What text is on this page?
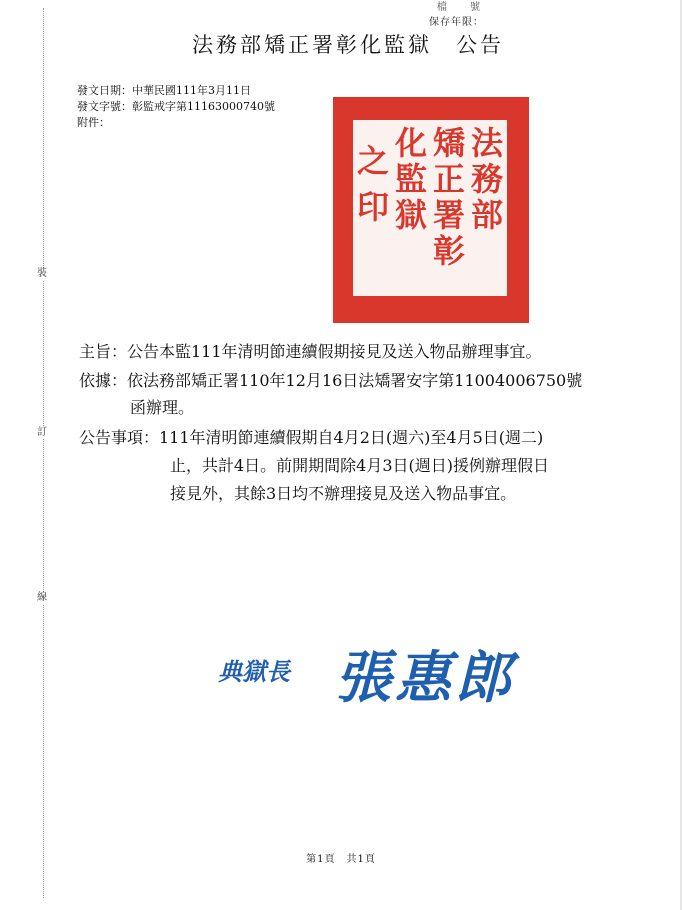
裝
訂
線
檔　　號
保存年限：
法務部矯正署彰化監獄　公告
發文日期：中華民國111年3月11日
發文字號：彰監戒字第11163000740號
附件：
法
務
部
矯
正
署
彰
化
監
獄
之
印
主旨：公告本監111年清明節連續假期接見及送入物品辦理事宜。
依據：依法務部矯正署110年12月16日法矯署安字第11004006750號
函辦理。
公告事項：111年清明節連續假期自4月2日(週六)至4月5日(週二)
止，共計4日。前開期間除4月3日(週日)援例辦理假日
接見外，其餘3日均不辦理接見及送入物品事宜。
典獄長 張惠郎
第1頁　共1頁
